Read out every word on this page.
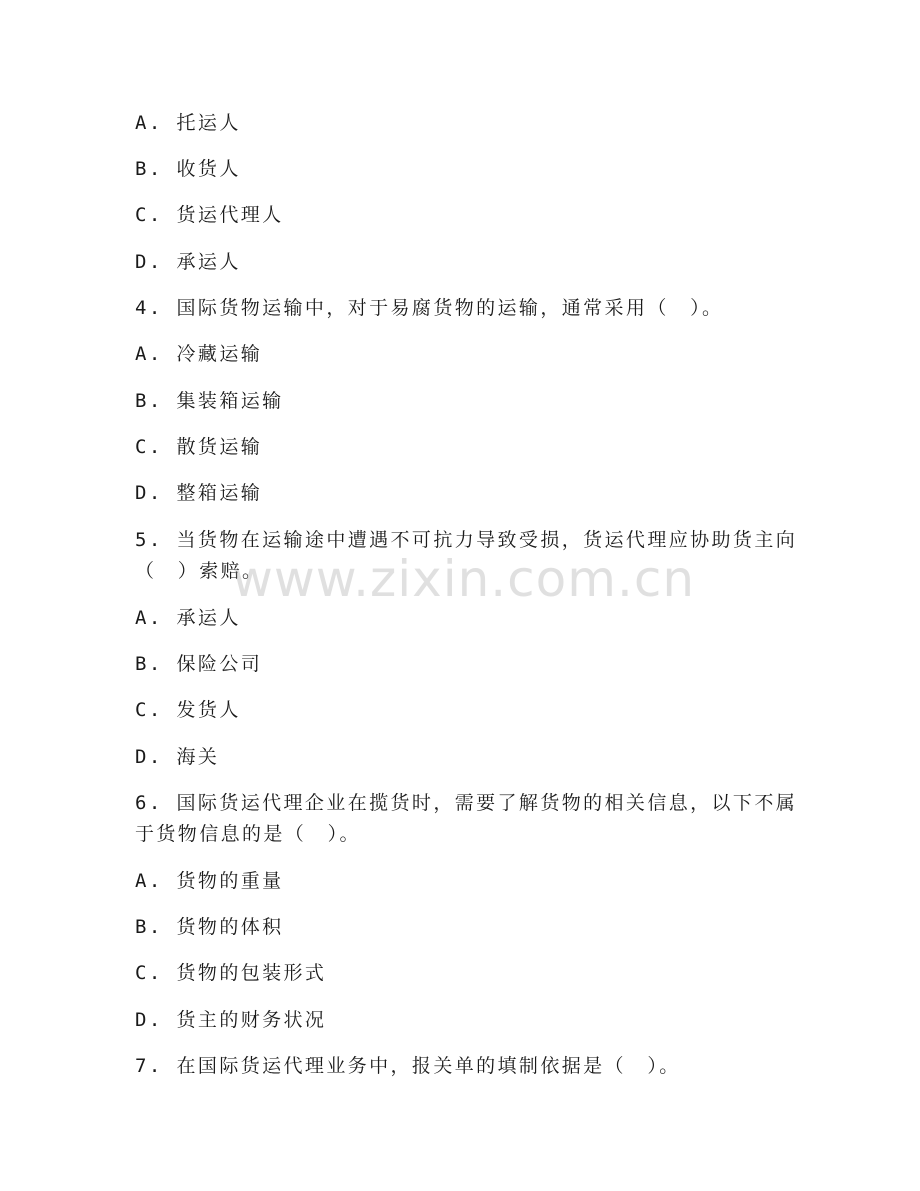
A. 托运人
B. 收货人
C. 货运代理人
D. 承运人
4. 国际货物运输中，对于易腐货物的运输，通常采用（　）。
A. 冷藏运输
B. 集装箱运输
C. 散货运输
D. 整箱运输
5. 当货物在运输途中遭遇不可抗力导致受损，货运代理应协助货主向
（　）索赔。
A. 承运人
B. 保险公司
C. 发货人
D. 海关
6. 国际货运代理企业在揽货时，需要了解货物的相关信息，以下不属
于货物信息的是（　）。
A. 货物的重量
B. 货物的体积
C. 货物的包装形式
D. 货主的财务状况
7. 在国际货运代理业务中，报关单的填制依据是（　）。
www.zixin.com.cn
